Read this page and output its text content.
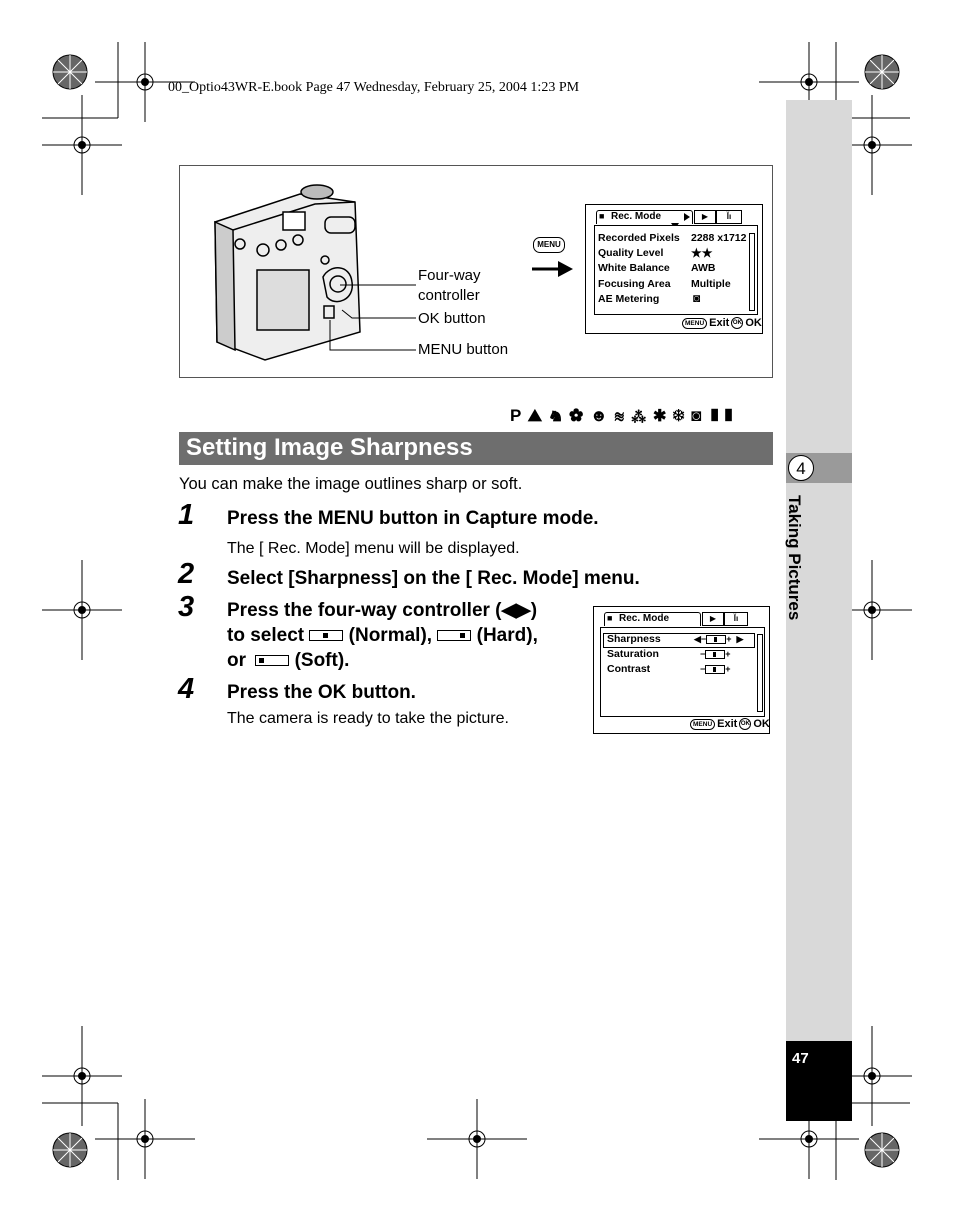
00_Optio43WR-E.book Page 47 Wednesday, February 25, 2004 1:23 PM
4
Taking Pictures
47
Four-way
controller
OK button
MENU button
MENU
■ Rec. Mode	▶	Ĭı
Recorded Pixels 2288 x1712
Quality Level ★★
White Balance AWB
Focusing Area Multiple
AE Metering	◙
MENU Exit OK OK
P ⛰ ♞ ✿ ☻ ≋ ⁂ ✱ ❄ ◙ ▮▮
Setting Image Sharpness
You can make the image outlines sharp or soft.
1 Press the MENU button in Capture mode.
The [ Rec. Mode] menu will be displayed.
2 Select [Sharpness] on the [ Rec. Mode] menu.
3 Press the four-way controller (◀▶)
to select (Normal), (Hard),
or	(Soft).
4 Press the OK button.
The camera is ready to take the picture.
■ Rec. Mode	▶	Ĭı
Sharpness	◀− +  ▶
Saturation	− +
Contrast	− +
MENU Exit OK OK
